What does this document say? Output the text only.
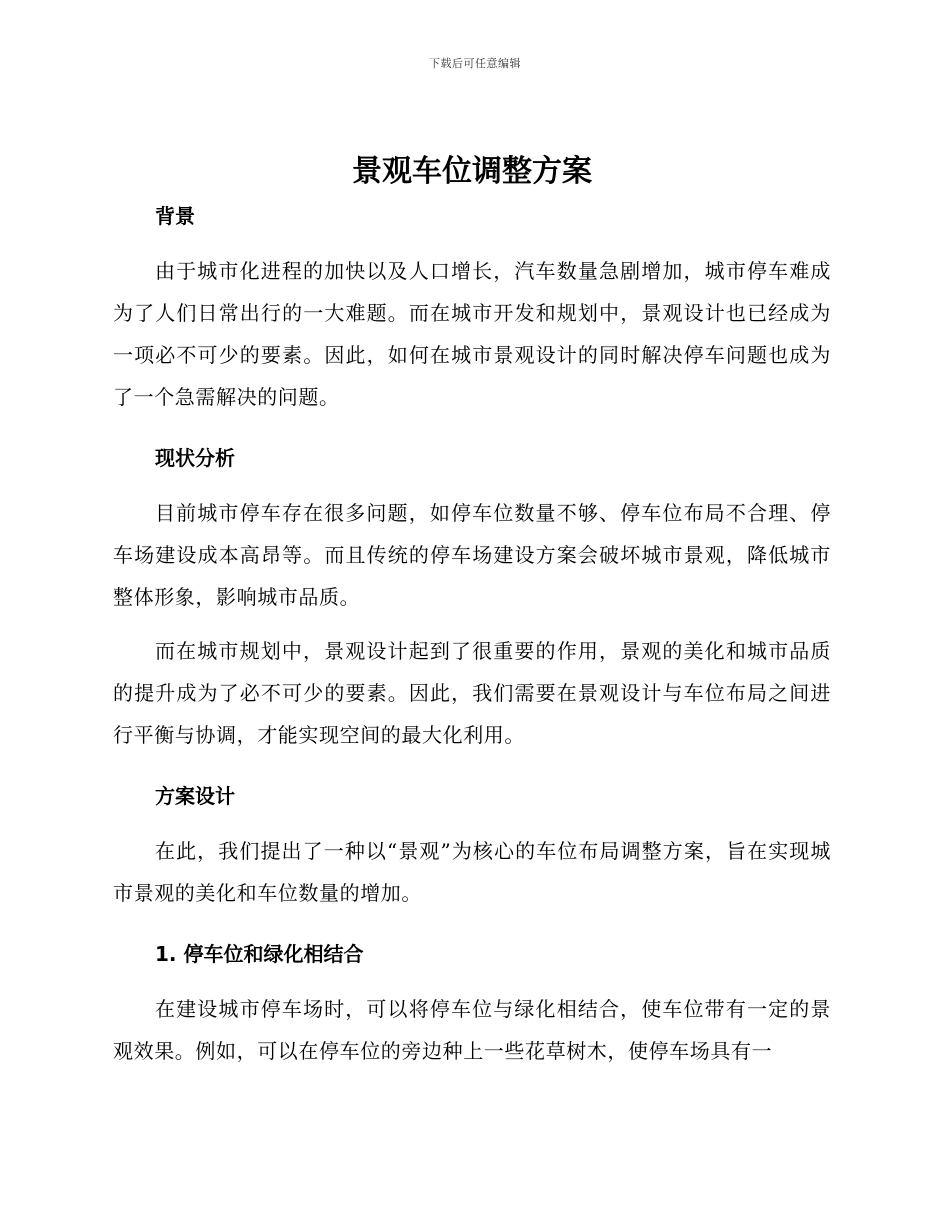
下载后可任意编辑
景观车位调整方案
背景

由于城市化进程的加快以及人口增长，汽车数量急剧增加，城市停车难成为了人们日常出行的一大难题。而在城市开发和规划中，景观设计也已经成为一项必不可少的要素。因此，如何在城市景观设计的同时解决停车问题也成为了一个急需解决的问题。

现状分析

目前城市停车存在很多问题，如停车位数量不够、停车位布局不合理、停车场建设成本高昂等。而且传统的停车场建设方案会破坏城市景观，降低城市整体形象，影响城市品质。

而在城市规划中，景观设计起到了很重要的作用，景观的美化和城市品质的提升成为了必不可少的要素。因此，我们需要在景观设计与车位布局之间进行平衡与协调，才能实现空间的最大化利用。

方案设计

在此，我们提出了一种以“景观”为核心的车位布局调整方案，旨在实现城市景观的美化和车位数量的增加。

1. 停车位和绿化相结合

在建设城市停车场时，可以将停车位与绿化相结合，使车位带有一定的景观效果。例如，可以在停车位的旁边种上一些花草树木，使停车场具有一
